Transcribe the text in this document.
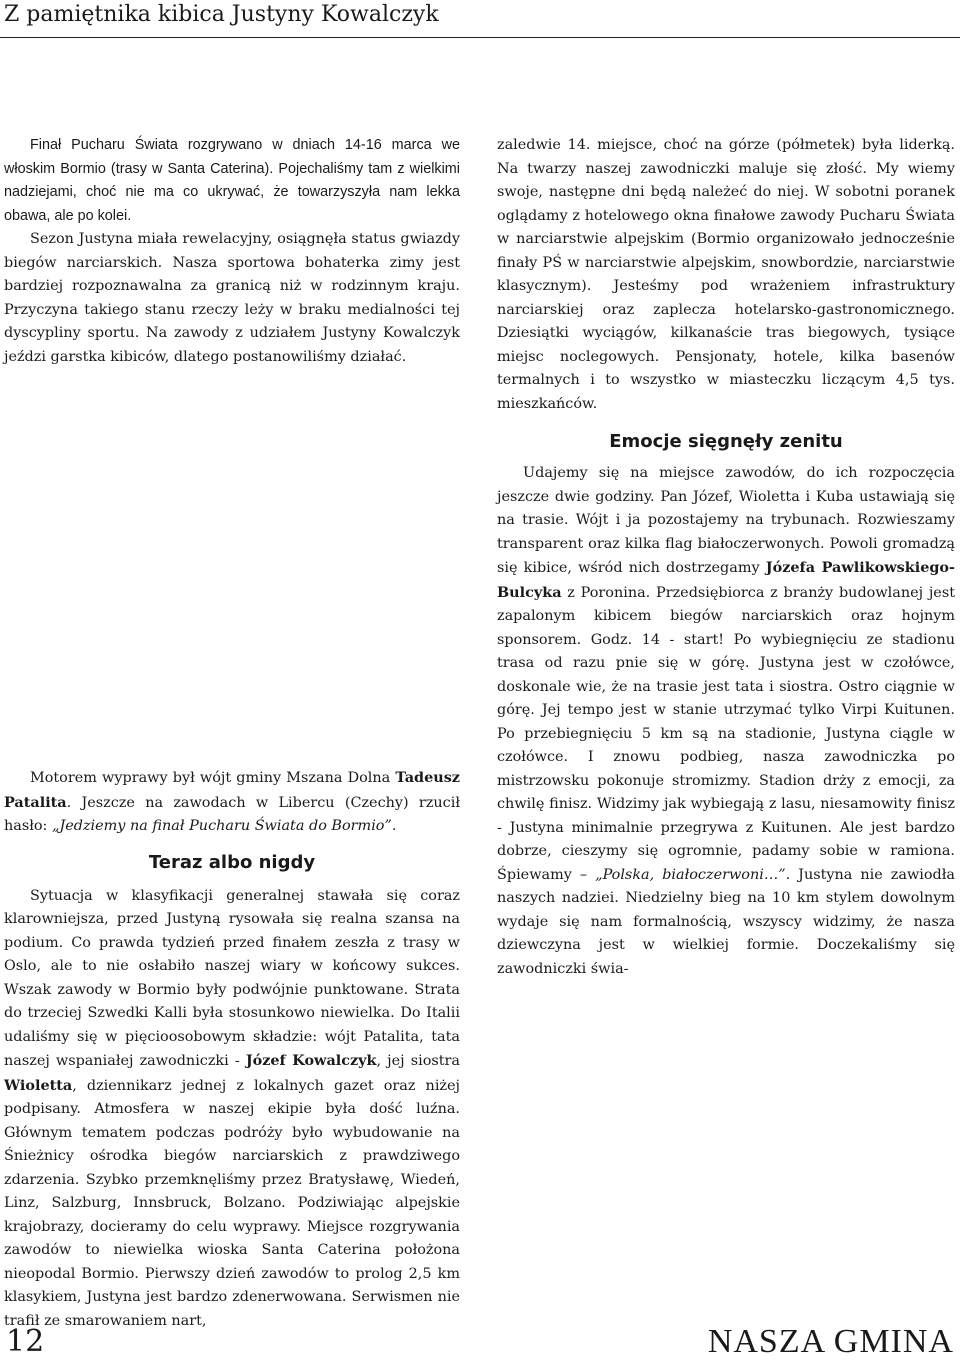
Z pamiętnika kibica Justyny Kowalczyk

Finał Pucharu Świata rozgrywano w dniach 14-16 marca we włoskim Bormio (trasy w Santa Caterina). Pojechaliśmy tam z wielkimi nadziejami, choć nie ma co ukrywać, że towarzyszyła nam lekka obawa, ale po kolei.

Sezon Justyna miała rewelacyjny, osiągnęła status gwiazdy biegów narciarskich. Nasza sportowa bohaterka zimy jest bardziej rozpoznawalna za granicą niż w rodzinnym kraju. Przyczyna takiego stanu rzeczy leży w braku medialności tej dyscypliny sportu. Na zawody z udziałem Justyny Kowalczyk jeździ garstka kibiców, dlatego postanowiliśmy działać.

Motorem wyprawy był wójt gminy Mszana Dolna Tadeusz Patalita. Jeszcze na zawodach w Libercu (Czechy) rzucił hasło: „Jedziemy na finał Pucharu Świata do Bormio”.

Teraz albo nigdy

Sytuacja w klasyfikacji generalnej stawała się coraz klarowniejsza, przed Justyną rysowała się realna szansa na podium. Co prawda tydzień przed finałem zeszła z trasy w Oslo, ale to nie osłabiło naszej wiary w końcowy sukces. Wszak zawody w Bormio były podwójnie punktowane. Strata do trzeciej Szwedki Kalli była stosunkowo niewielka. Do Italii udaliśmy się w pięcioosobowym składzie: wójt Patalita, tata naszej wspaniałej zawodniczki - Józef Kowalczyk, jej siostra Wioletta, dziennikarz jednej z lokalnych gazet oraz niżej podpisany. Atmosfera w naszej ekipie była dość luźna. Głównym tematem podczas podróży było wybudowanie na Śnieżnicy ośrodka biegów narciarskich z prawdziwego zdarzenia. Szybko przemknęliśmy przez Bratysławę, Wiedeń, Linz, Salzburg, Innsbruck, Bolzano. Podziwiając alpejskie krajobrazy, docieramy do celu wyprawy. Miejsce rozgrywania zawodów to niewielka wioska Santa Caterina położona nieopodal Bormio. Pierwszy dzień zawodów to prolog 2,5 km klasykiem, Justyna jest bardzo zdenerwowana. Serwismen nie trafił ze smarowaniem nart,

zaledwie 14. miejsce, choć na górze (półmetek) była liderką. Na twarzy naszej zawodniczki maluje się złość. My wiemy swoje, następne dni będą należeć do niej. W sobotni poranek oglądamy z hotelowego okna finałowe zawody Pucharu Świata w narciarstwie alpejskim (Bormio organizowało jednocześnie finały PŚ w narciarstwie alpejskim, snowbordzie, narciarstwie klasycznym). Jesteśmy pod wrażeniem infrastruktury narciarskiej oraz zaplecza hotelarsko-gastronomicznego. Dziesiątki wyciągów, kilkanaście tras biegowych, tysiące miejsc noclegowych. Pensjonaty, hotele, kilka basenów termalnych i to wszystko w miasteczku liczącym 4,5 tys. mieszkańców.

Emocje sięgnęły zenitu

Udajemy się na miejsce zawodów, do ich rozpoczęcia jeszcze dwie godziny. Pan Józef, Wioletta i Kuba ustawiają się na trasie. Wójt i ja pozostajemy na trybunach. Rozwieszamy transparent oraz kilka flag białoczerwonych. Powoli gromadzą się kibice, wśród nich dostrzegamy Józefa Pawlikowskiego-Bulcyka z Poronina. Przedsiębiorca z branży budowlanej jest zapalonym kibicem biegów narciarskich oraz hojnym sponsorem. Godz. 14 - start! Po wybiegnięciu ze stadionu trasa od razu pnie się w górę. Justyna jest w czołówce, doskonale wie, że na trasie jest tata i siostra. Ostro ciągnie w górę. Jej tempo jest w stanie utrzymać tylko Virpi Kuitunen. Po przebiegnięciu 5 km są na stadionie, Justyna ciągle w czołówce. I znowu podbieg, nasza zawodniczka po mistrzowsku pokonuje stromizmy. Stadion drży z emocji, za chwilę finisz. Widzimy jak wybiegają z lasu, niesamowity finisz - Justyna minimalnie przegrywa z Kuitunen. Ale jest bardzo dobrze, cieszymy się ogromnie, padamy sobie w ramiona. Śpiewamy – „Polska, białoczerwoni…”. Justyna nie zawiodła naszych nadziei. Niedzielny bieg na 10 km stylem dowolnym wydaje się nam formalnością, wszyscy widzimy, że nasza dziewczyna jest w wielkiej formie. Doczekaliśmy się zawodniczki świa-

12	NASZA GMINA
